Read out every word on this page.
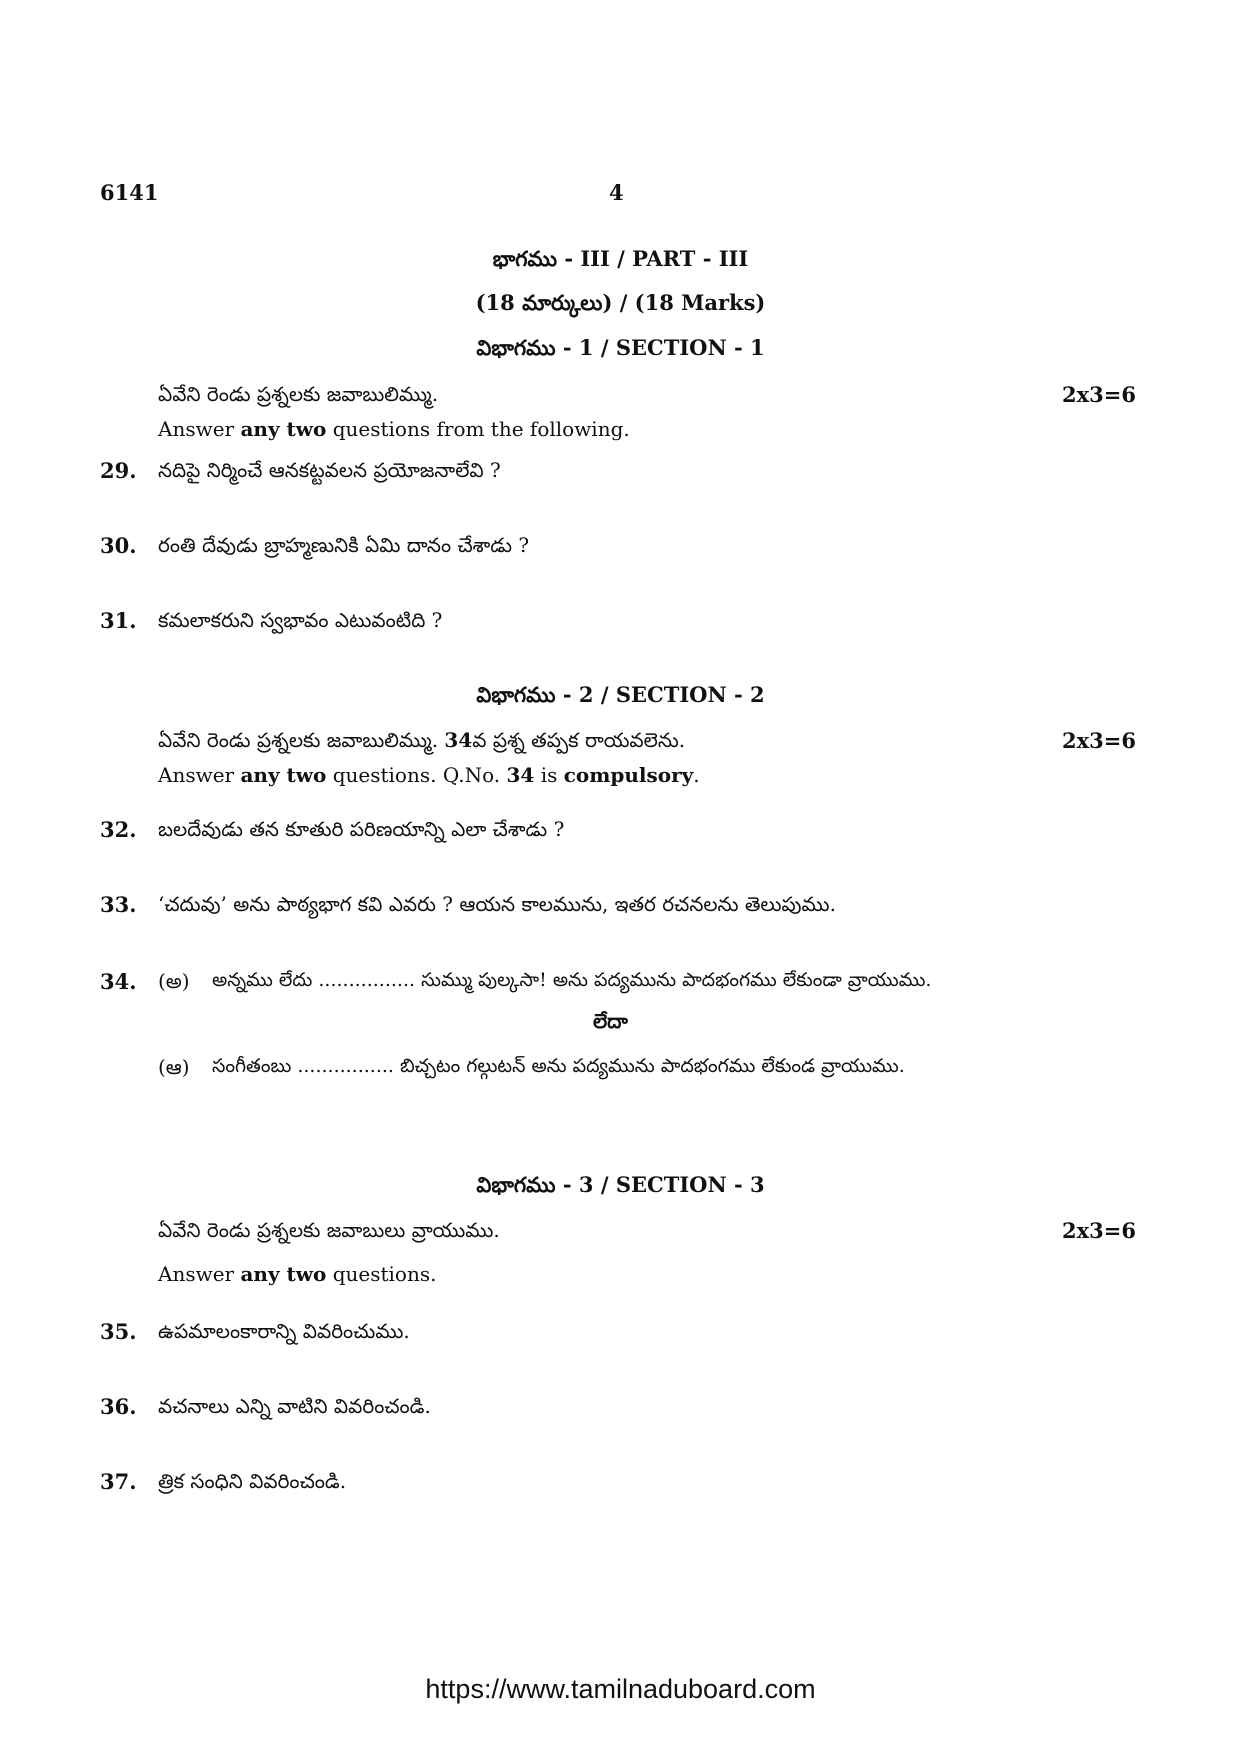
6141	4
భాగము - III / PART - III
(18 మార్కులు) / (18 Marks)
విభాగము - 1 / SECTION - 1
ఏవేని రెండు ప్రశ్నలకు జవాబులిమ్ము.	2x3=6
Answer any two questions from the following.
29. నదిపై నిర్మించే ఆనకట్టవలన ప్రయోజనాలేవి ?
30. రంతి దేవుడు బ్రాహ్మణునికి ఏమి దానం చేశాడు ?
31. కమలాకరుని స్వభావం ఎటువంటిది ?
విభాగము - 2 / SECTION - 2
ఏవేని రెండు ప్రశ్నలకు జవాబులిమ్ము. 34వ ప్రశ్న తప్పక రాయవలెను.	2x3=6
Answer any two questions. Q.No. 34 is compulsory.
32. బలదేవుడు తన కూతురి పరిణయాన్ని ఎలా చేశాడు ?
33. ‘చదువు’ అను పాఠ్యభాగ కవి ఎవరు ? ఆయన కాలమును, ఇతర రచనలను తెలుపుము.
34. (అ) అన్నము లేదు ................ సుమ్ము పుల్కసా! అను పద్యమును పాదభంగము లేకుండా వ్రాయుము.
లేదా
(ఆ) సంగీతంబు ................ బిచ్చటం గల్గుటన్ అను పద్యమును పాదభంగము లేకుండ వ్రాయుము.
విభాగము - 3 / SECTION - 3
ఏవేని రెండు ప్రశ్నలకు జవాబులు వ్రాయుము.	2x3=6
Answer any two questions.
35. ఉపమాలంకారాన్ని వివరించుము.
36. వచనాలు ఎన్ని వాటిని వివరించండి.
37. త్రిక సంధిని వివరించండి.
https://www.tamilnaduboard.com
